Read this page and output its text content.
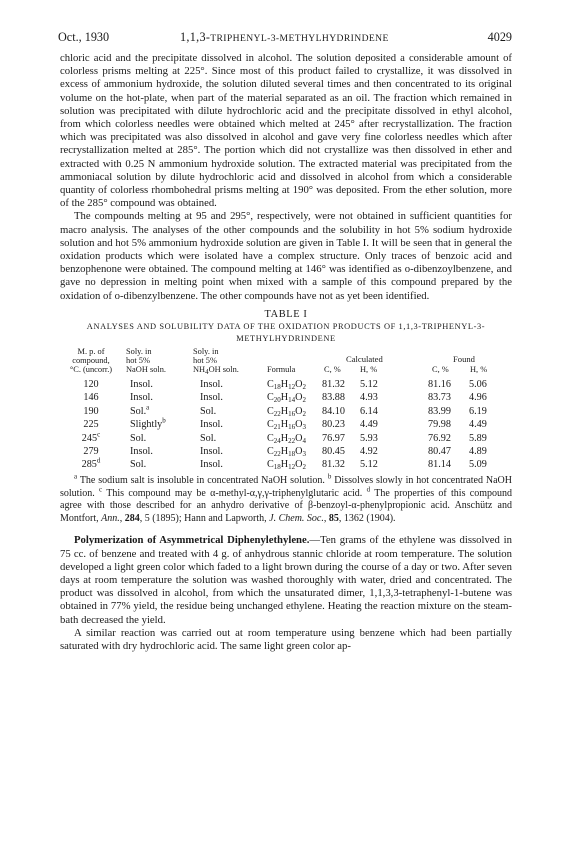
Oct., 1930	1,1,3-TRIPHENYL-3-METHYLHYDRINDENE	4029

chloric acid and the precipitate dissolved in alcohol. The solution deposited a considerable amount of colorless prisms melting at 225°. Since most of this product failed to crystallize, it was dissolved in excess of ammonium hydroxide, the solution diluted several times and then concentrated to its original volume on the hot-plate, when part of the material separated as an oil. The fraction which remained in solution was precipitated with dilute hydrochloric acid and the precipitate dissolved in ethyl alcohol, from which colorless needles were obtained which melted at 245° after recrystallization. The fraction which was precipitated was also dissolved in alcohol and gave very fine colorless needles which after recrystallization melted at 285°. The portion which did not crystallize was then dissolved in ether and extracted with 0.25 N ammonium hydroxide solution. The extracted material was precipitated from the ammoniacal solution by dilute hydrochloric acid and dissolved in alcohol from which a considerable quantity of colorless rhombohedral prisms melting at 190° was deposited. From the ether solution, more of the 285° compound was obtained.

The compounds melting at 95 and 295°, respectively, were not obtained in sufficient quantities for macro analysis. The analyses of the other compounds and the solubility in hot 5% sodium hydroxide solution and hot 5% ammonium hydroxide solution are given in Table I. It will be seen that in general the oxidation products which were isolated have a complex structure. Only traces of benzoic acid and benzophenone were obtained. The compound melting at 146° was identified as o-dibenzoylbenzene, and gave no depression in melting point when mixed with a sample of this compound prepared by the oxidation of o-dibenzylbenzene. The other compounds have not as yet been identified.

TABLE I
ANALYSES AND SOLUBILITY DATA OF THE OXIDATION PRODUCTS OF 1,1,3-TRIPHENYL-3-
METHYLHYDRINDENE
M. p. of
compound,
°C. (uncorr.)
Soly. in
hot 5%
NaOH soln.
Soly. in
hot 5%
$NH_4OH$ soln.	Formula
Calculated	Found
C, % H, %	C, %	H, %
120	Insol.	Insol.	$C_{18}H_{12}O_2$	81.32	5.12	81.16	5.06
146	Insol.	Insol.	$C_{20}H_{14}O_2$	83.88	4.93	83.73	4.96
190	Sol.$^a$	Sol.	$C_{22}H_{16}O_2$	84.10	6.14	83.99	6.19
225	Slightly$^b$	Insol.	$C_{21}H_{16}O_3$	80.23	4.49	79.98	4.49
245$^c$	Sol.	Sol.	$C_{24}H_{22}O_4$	76.97	5.93	76.92	5.89
279	Insol.	Insol.	$C_{22}H_{18}O_3$	80.45	4.92	80.47	4.89
285$^d$	Sol.	Insol.	$C_{18}H_{12}O_2$	81.32	5.12	81.14	5.09
$^a$ The sodium salt is insoluble in concentrated NaOH solution. $^b$ Dissolves slowly in hot concentrated NaOH solution. $^c$ This compound may be α-methyl-α,γ,γ-triphenylglutaric acid. $^d$ The properties of this compound agree with those described for an anhydro derivative of β-benzoyl-α-phenylpropionic acid. Anschütz and Montfort, Ann., 284, 5 (1895); Hann and Lapworth, J. Chem. Soc., 85, 1362 (1904).

Polymerization of Asymmetrical Diphenylethylene.—Ten grams of the ethylene was dissolved in 75 cc. of benzene and treated with 4 g. of anhydrous stannic chloride at room temperature. The solution developed a light green color which faded to a light brown during the course of a day or two. After seven days at room temperature the solution was washed thoroughly with water, dried and concentrated. The product was dissolved in alcohol, from which the unsaturated dimer, 1,1,3,3-tetraphenyl-1-butene was obtained in 77% yield, the residue being unchanged ethylene. Heating the reaction mixture on the steam-bath decreased the yield.

A similar reaction was carried out at room temperature using benzene which had been partially saturated with dry hydrochloric acid. The same light green color ap-
